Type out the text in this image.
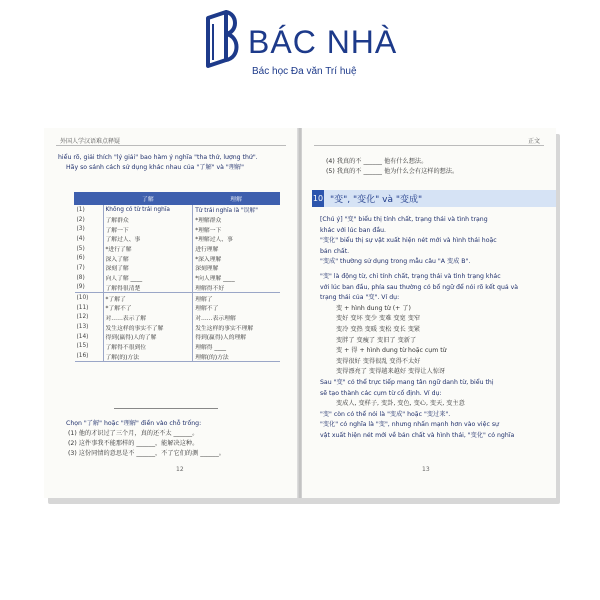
BÁC NHÀ
Bác học Đa văn Trí huệ
外国人学汉语难点释疑
hiểu rõ, giải thích "lý giải" bao hàm ý nghĩa "tha thứ, lượng thứ".
Hãy so sánh cách sử dụng khác nhau của "了解" và "理解"
	了解	理解
(1)	Không có từ trái nghĩa	Từ trái nghĩa là "误解"
(2)	了解群众	*理解群众
(3)	了解一下	*理解一下
(4)	了解过人、事	*理解过人、事
(5)	*进行了解	进行理解
(6)	深入了解	*深入理解
(7)	深刻了解	深刻理解
(8)	向人了解 ____	*向人理解 ____
(9)	了解得很清楚	理解得不好
(10)	*了解了	理解了
(11)	*了解不了	理解不了
(12)	对……表示了解	对……表示理解
(13)	发生这样的事实不了解	发生这样的事实不理解
(14)	得到(赢得)人的了解	得到(赢得)人的理解
(15)	了解得不很到位	理解得 ____
(16)	了解(的)方法	理解(的)方法
Chọn "了解" hoặc "理解" điền vào chỗ trống:
(1) 他的才识过了三个月，真的还不太 ______。
(2) 这件事我不能那样的 ______，能解决这种。
(3) 这份同情的意思是不 ______，不了它们的测 ______。
12
正文
(4) 我真的不 ______ 他有什么想法。
(5) 我真的不 ______ 他为什么会有这样的想法。
10 "变", "变化" và "变成"
[Chú ý] "变" biểu thị tính chất, trạng thái và tình trạng
khác với lúc ban đầu.
"变化" biểu thị sự vật xuất hiện nét mới và hình thái hoặc
bản chất.
"变成" thường sử dụng trong mẫu câu "A 变成 B".
"变" là động từ, chỉ tính chất, trạng thái và tình trạng khác
với lúc ban đầu, phía sau thường có bổ ngữ để nói rõ kết quả và
trạng thái của "变". Ví dụ:
变 + hình dung từ (+ 了)
变好 变坏 变少 变难 变宽 变窄
变冷 变热 变暖 变松 变长 变紧
变胖了 变瘦了 变旧了 变新了
变 + 得 + hình dung từ hoặc cụm từ
变得很好 变得很乱 变得不太好
变得漂亮了 变得越来越好 变得让人惊讶
Sau "变" có thể trực tiếp mang tân ngữ danh từ, biểu thị
sẽ tạo thành các cụm từ cố định. Ví dụ:
变成人, 变样子, 变卦, 变色, 变心, 变天, 变主意
"变" còn có thể nói là "变成" hoặc "变过来".
"变化" có nghĩa là "变", nhưng nhấn mạnh hơn vào việc sự
vật xuất hiện nét mới về bản chất và hình thái, "变化" có nghĩa
13
